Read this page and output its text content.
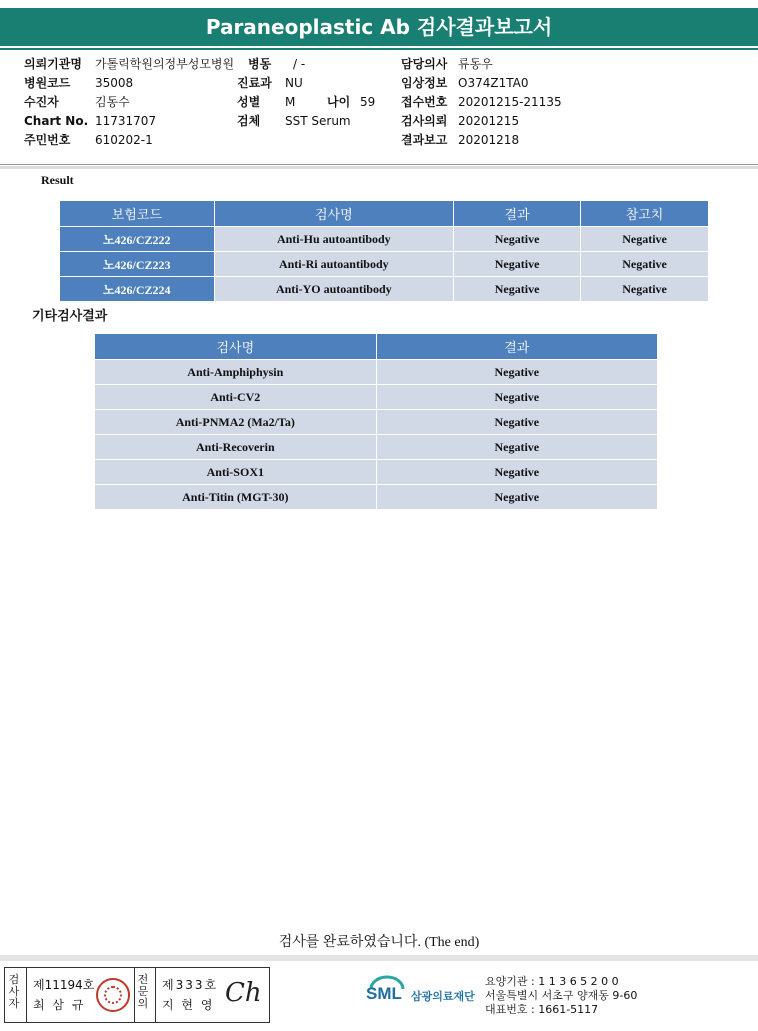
Paraneoplastic Ab 검사결과보고서
의뢰기관명 가톨릭학원의정부성모병원
병원코드 35008
수진자	김동수
Chart No. 11731707
주민번호 610202-1
병동 / -
진료과 NU
성별 M	나이 59
검체 SST Serum
담당의사 류동우
임상정보 O374Z1TA0
접수번호 20201215-21135
검사의뢰 20201215
결과보고 20201218
Result
보험코드	검사명	결과	참고치
노426/CZ222	Anti-Hu autoantibody	Negative	Negative
노426/CZ223	Anti-Ri autoantibody	Negative	Negative
노426/CZ224	Anti-YO autoantibody	Negative	Negative
기타검사결과
검사명	결과
Anti-Amphiphysin	Negative
Anti-CV2	Negative
Anti-PNMA2 (Ma2/Ta)	Negative
Anti-Recoverin	Negative
Anti-SOX1	Negative
Anti-Titin (MGT-30)	Negative
검사를 완료하였습니다. (The end)
검사자
제11194호
최 삼 규
전문의
제333호
지 현 영 Ch	SML 삼광의료재단
요양기관 : 1 1 3 6 5 2 0 0
서울특별시 서초구 양재동 9-60
대표번호 : 1661-5117
